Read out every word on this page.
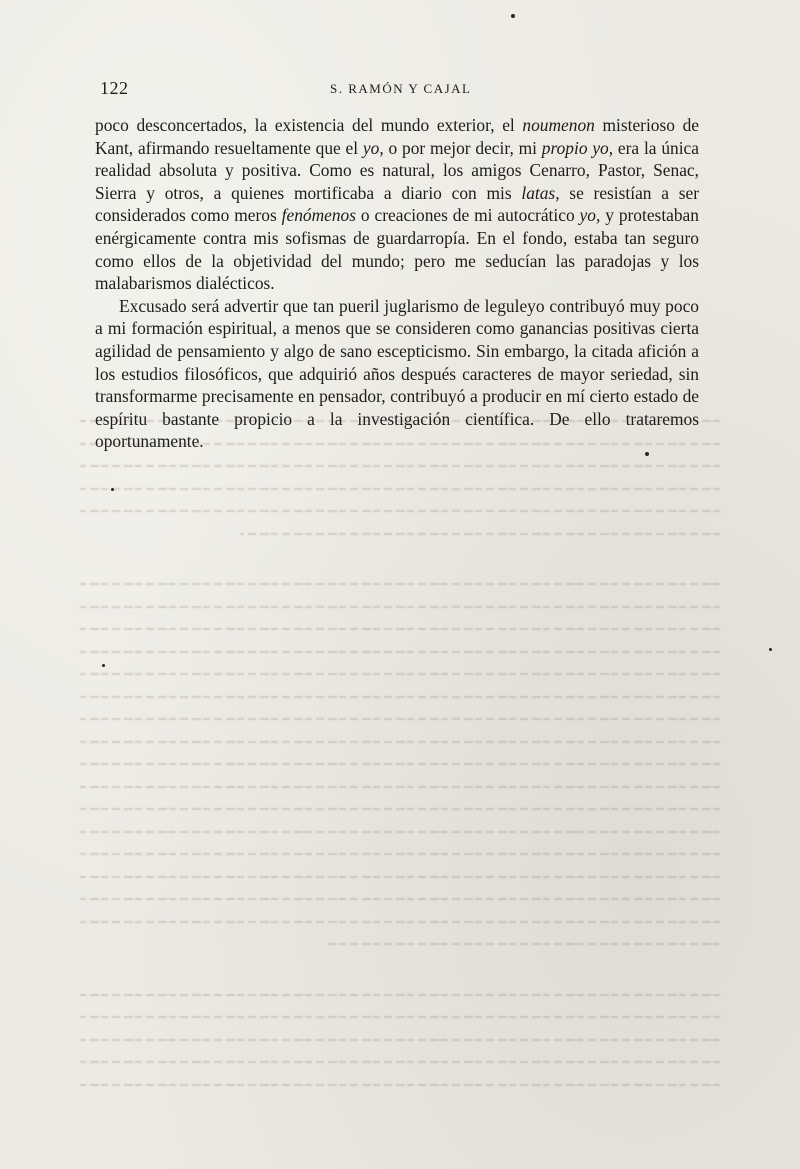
122	S. RAMÓN Y CAJAL

poco desconcertados, la existencia del mundo exterior, el noumenon misterioso de Kant, afirmando resueltamente que el yo, o por mejor decir, mi propio yo, era la única realidad absoluta y positiva. Como es natural, los amigos Cenarro, Pastor, Senac, Sierra y otros, a quienes mortificaba a diario con mis latas, se resistían a ser considerados como meros fenómenos o creaciones de mi autocrático yo, y protestaban enérgicamente contra mis sofismas de guardarropía. En el fondo, estaba tan seguro como ellos de la objetividad del mundo; pero me seducían las paradojas y los malabarismos dialécticos.

Excusado será advertir que tan pueril juglarismo de leguleyo contribuyó muy poco a mi formación espiritual, a menos que se consideren como ganancias positivas cierta agilidad de pensamiento y algo de sano escepticismo. Sin embargo, la citada afición a los estudios filosóficos, que adquirió años después caracteres de mayor seriedad, sin transformarme precisamente en pensador, contribuyó a producir en mí cierto estado de espíritu bastante propicio a la investigación científica. De ello trataremos oportunamente.
